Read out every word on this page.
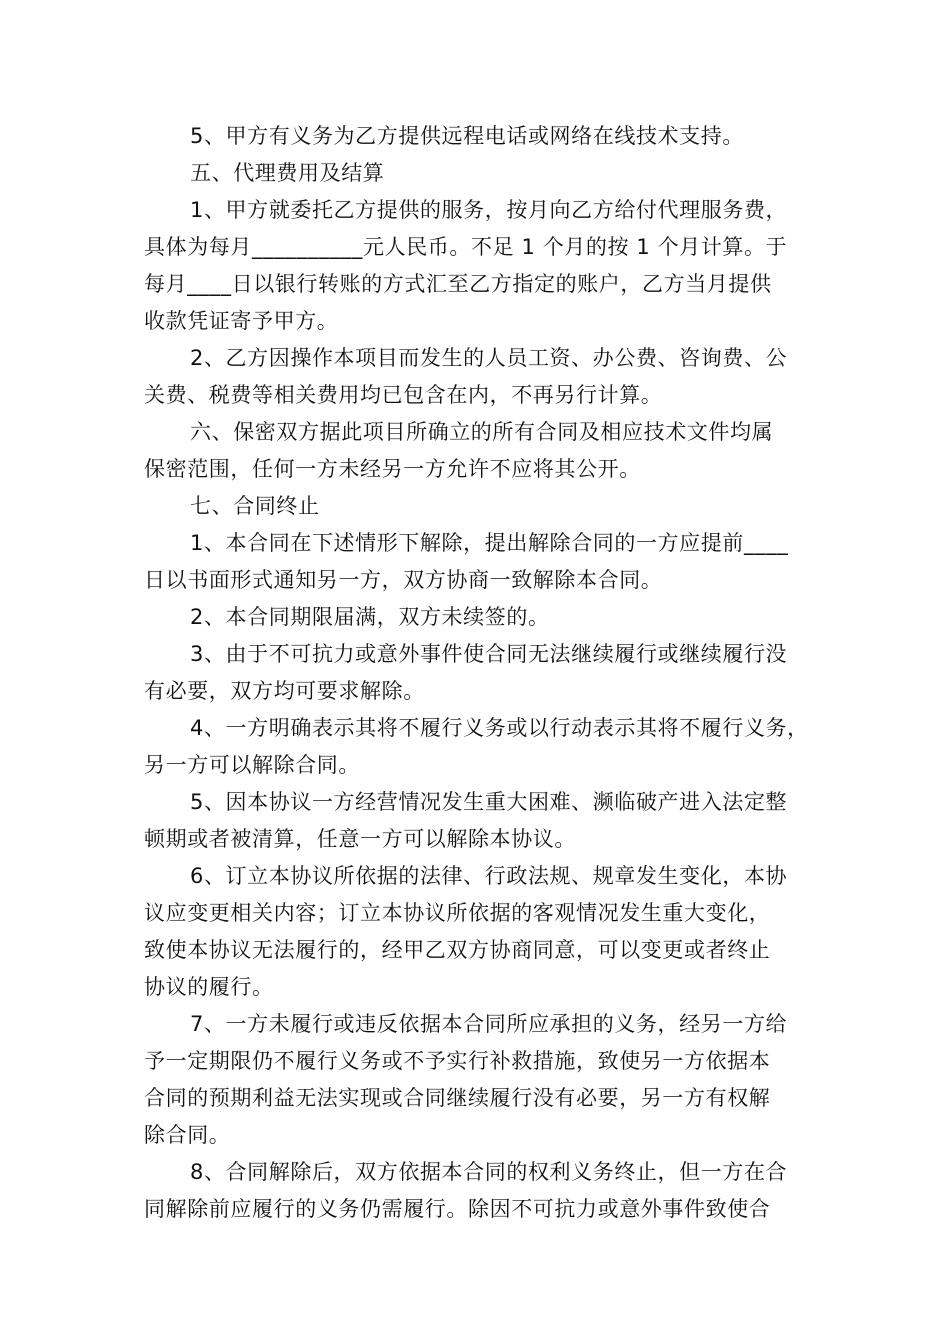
5、甲方有义务为乙方提供远程电话或网络在线技术支持。
五、代理费用及结算
1、甲方就委托乙方提供的服务，按月向乙方给付代理服务费，
具体为每月__________元人民币。不足 1 个月的按 1 个月计算。于
每月____日以银行转账的方式汇至乙方指定的账户，乙方当月提供
收款凭证寄予甲方。
2、乙方因操作本项目而发生的人员工资、办公费、咨询费、公
关费、税费等相关费用均已包含在内，不再另行计算。
六、保密双方据此项目所确立的所有合同及相应技术文件均属
保密范围，任何一方未经另一方允许不应将其公开。
七、合同终止
1、本合同在下述情形下解除，提出解除合同的一方应提前____
日以书面形式通知另一方，双方协商一致解除本合同。
2、本合同期限届满，双方未续签的。
3、由于不可抗力或意外事件使合同无法继续履行或继续履行没
有必要，双方均可要求解除。
4、一方明确表示其将不履行义务或以行动表示其将不履行义务，
另一方可以解除合同。
5、因本协议一方经营情况发生重大困难、濒临破产进入法定整
顿期或者被清算，任意一方可以解除本协议。
6、订立本协议所依据的法律、行政法规、规章发生变化，本协
议应变更相关内容；订立本协议所依据的客观情况发生重大变化，
致使本协议无法履行的，经甲乙双方协商同意，可以变更或者终止
协议的履行。
7、一方未履行或违反依据本合同所应承担的义务，经另一方给
予一定期限仍不履行义务或不予实行补救措施，致使另一方依据本
合同的预期利益无法实现或合同继续履行没有必要，另一方有权解
除合同。
8、合同解除后，双方依据本合同的权利义务终止，但一方在合
同解除前应履行的义务仍需履行。除因不可抗力或意外事件致使合
